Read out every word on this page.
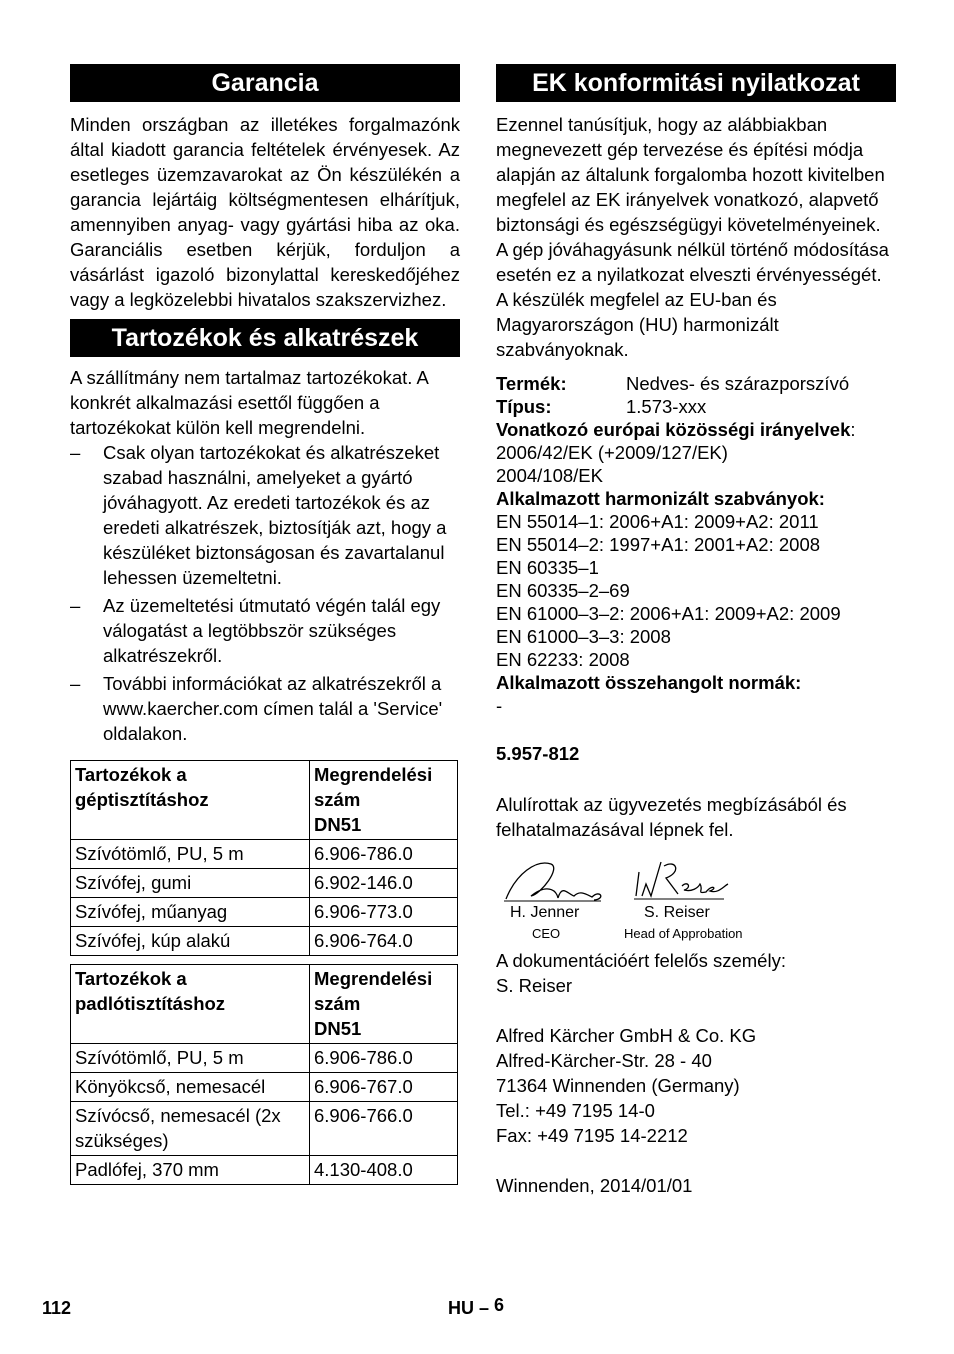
Garancia

Minden országban az illetékes forgalmazónk által kiadott garancia feltételek érvényesek. Az esetleges üzemzavarokat az Ön készülékén a garancia lejártáig költségmentesen elhárítjuk, amennyiben anyag- vagy gyártási hiba az oka. Garanciális esetben kérjük, forduljon a vásárlást igazoló bizonylattal kereskedőjéhez vagy a legközelebbi hivatalos szakszervizhez.

Tartozékok és alkatrészek

A szállítmány nem tartalmaz tartozékokat. A konkrét alkalmazási esettől függően a tartozékokat külön kell megrendelni.

–	Csak olyan tartozékokat és alkatrészeket szabad használni, amelyeket a gyártó jóváhagyott. Az eredeti tartozékok és az eredeti alkatrészek, biztosítják azt, hogy a készüléket biztonságosan és zavartalanul lehessen üzemeltetni.
–	Az üzemeltetési útmutató végén talál egy válogatást a legtöbbször szükséges alkatrészekről.
–	További információkat az alkatrészekről a www.kaercher.com címen talál a 'Service' oldalakon.
Tartozékok a géptisztításhoz	Megrendelési
szám
DN51
Szívótömlő, PU, 5 m	6.906-786.0
Szívófej, gumi	6.902-146.0
Szívófej, műanyag	6.906-773.0
Szívófej, kúp alakú	6.906-764.0
Tartozékok a padlótisztításhoz	Megrendelési
szám
DN51
Szívótömlő, PU, 5 m	6.906-786.0
Könyökcső, nemesacél	6.906-767.0
Szívócső, nemesacél (2x szükséges)	6.906-766.0
Padlófej, 370 mm	4.130-408.0
EK konformitási nyilatkozat

Ezennel tanúsítjuk, hogy az alábbiakban megnevezett gép tervezése és építési módja alapján az általunk forgalomba hozott kivitelben megfelel az EK irányelvek vonatkozó, alapvető biztonsági és egészségügyi követelményeinek. A gép jóváhagyásunk nélkül történő módosítása esetén ez a nyilatkozat elveszti érvényességét. A készülék megfelel az EU-ban és Magyarországon (HU) harmonizált szabványoknak.

Termék:	Nedves- és szárazporszívó
Típus:	1.573-xxx
Vonatkozó európai közösségi irányelvek:
2006/42/EK (+2009/127/EK)
2004/108/EK
Alkalmazott harmonizált szabványok:
EN 55014–1: 2006+A1: 2009+A2: 2011
EN 55014–2: 1997+A1: 2001+A2: 2008
EN 60335–1
EN 60335–2–69
EN 61000–3–2: 2006+A1: 2009+A2: 2009
EN 61000–3–3: 2008
EN 62233: 2008
Alkalmazott összehangolt normák:
-
5.957-812

Alulírottak az ügyvezetés megbízásából és felhatalmazásával lépnek fel.

H. Jenner
CEO
S. Reiser
Head of Approbation

A dokumentációért felelős személy:

S. Reiser

Alfred Kärcher GmbH & Co. KG

Alfred-Kärcher-Str. 28 - 40

71364 Winnenden (Germany)

Tel.: +49 7195 14-0

Fax: +49 7195 14-2212

Winnenden, 2014/01/01

112	HU – 6
